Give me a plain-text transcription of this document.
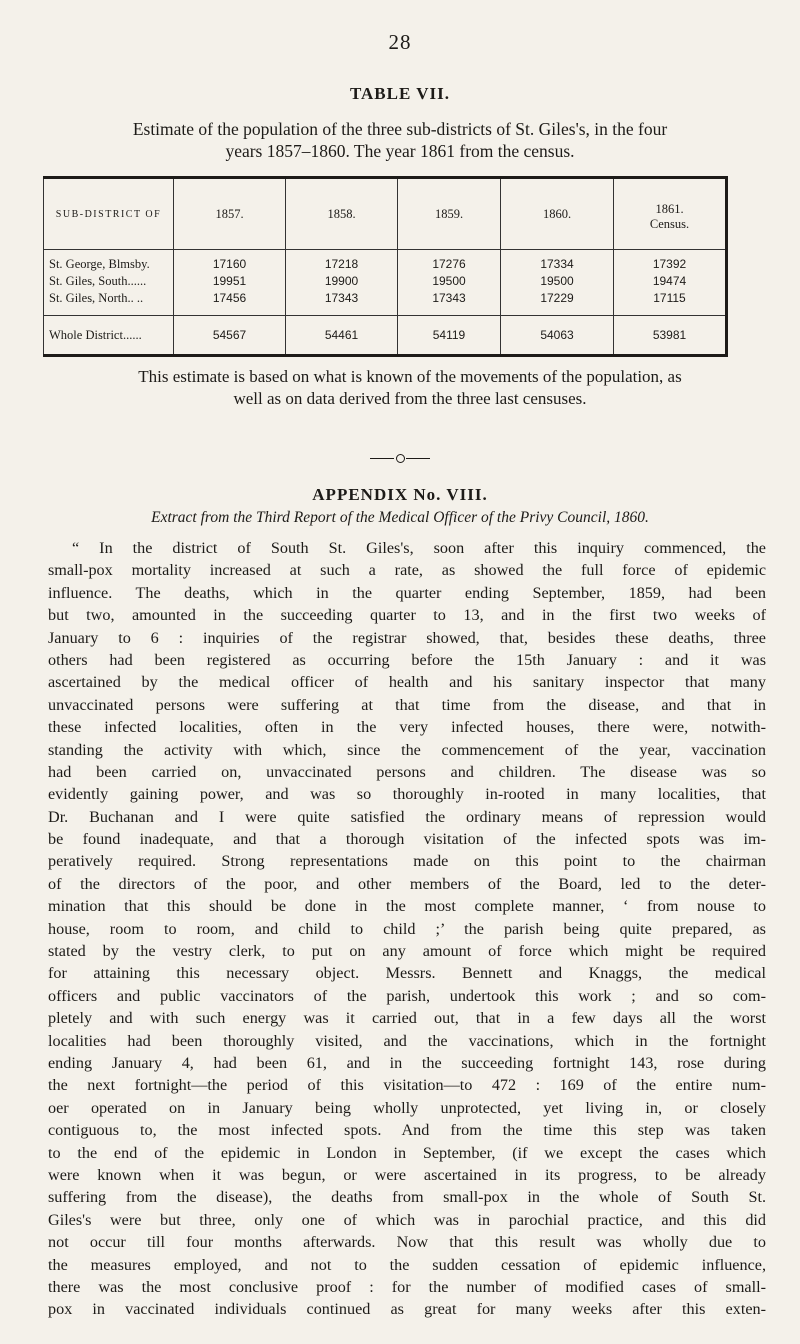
28
TABLE VII.
Estimate of the population of the three sub-districts of St. Giles's, in the four
years 1857–1860. The year 1861 from the census.
SUB-DISTRICT OF	1857.	1858.	1859.	1860.	1861.
Census.
St. George, Blmsby.	17160	17218	17276	17334	17392
St. Giles, South......	19951	19900	19500	19500	19474
St. Giles, North.. ..	17456	17343	17343	17229	17115
Whole District......	54567	54461	54119	54063	53981
This estimate is based on what is known of the movements of the population, as
well as on data derived from the three last censuses.
APPENDIX No. VIII.
Extract from the Third Report of the Medical Officer of the Privy Council, 1860.
“ In the district of South St. Giles's, soon after this inquiry commenced, the
small-pox mortality increased at such a rate, as showed the full force of epidemic
influence. The deaths, which in the quarter ending September, 1859, had been
but two, amounted in the succeeding quarter to 13, and in the first two weeks of
January to 6 : inquiries of the registrar showed, that, besides these deaths, three
others had been registered as occurring before the 15th January : and it was
ascertained by the medical officer of health and his sanitary inspector that many
unvaccinated persons were suffering at that time from the disease, and that in
these infected localities, often in the very infected houses, there were, notwith-
standing the activity with which, since the commencement of the year, vaccination
had been carried on, unvaccinated persons and children. The disease was so
evidently gaining power, and was so thoroughly in-rooted in many localities, that
Dr. Buchanan and I were quite satisfied the ordinary means of repression would
be found inadequate, and that a thorough visitation of the infected spots was im-
peratively required. Strong representations made on this point to the chairman
of the directors of the poor, and other members of the Board, led to the deter-
mination that this should be done in the most complete manner, ‘ from nouse to
house, room to room, and child to child ;’ the parish being quite prepared, as
stated by the vestry clerk, to put on any amount of force which might be required
for attaining this necessary object. Messrs. Bennett and Knaggs, the medical
officers and public vaccinators of the parish, undertook this work ; and so com-
pletely and with such energy was it carried out, that in a few days all the worst
localities had been thoroughly visited, and the vaccinations, which in the fortnight
ending January 4, had been 61, and in the succeeding fortnight 143, rose during
the next fortnight—the period of this visitation—to 472 : 169 of the entire num-
oer operated on in January being wholly unprotected, yet living in, or closely
contiguous to, the most infected spots. And from the time this step was taken
to the end of the epidemic in London in September, (if we except the cases which
were known when it was begun, or were ascertained in its progress, to be already
suffering from the disease), the deaths from small-pox in the whole of South St.
Giles's were but three, only one of which was in parochial practice, and this did
not occur till four months afterwards. Now that this result was wholly due to
the measures employed, and not to the sudden cessation of epidemic influence,
there was the most conclusive proof : for the number of modified cases of small-
pox in vaccinated individuals continued as great for many weeks after this exten-
